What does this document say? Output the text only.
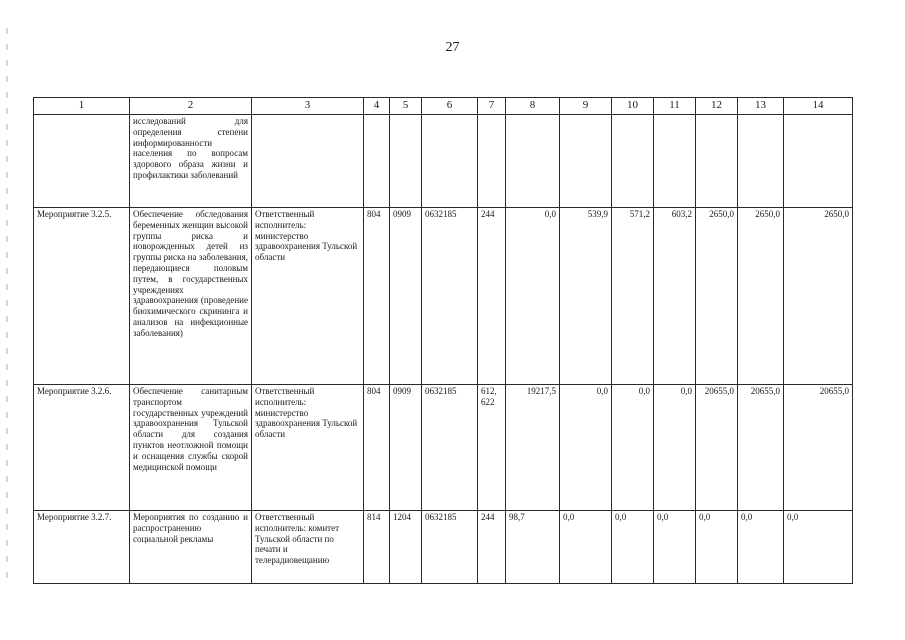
27
1	2	3	4	5	6	7	8	9	10	11	12	13	14
	исследований для определения степени информированности населения по вопросам здорового образа жизни и профилактики заболеваний												
Мероприятие 3.2.5.	Обеспечение обследования беременных женщин высокой группы риска и новорожденных детей из группы риска на заболевания, передающиеся половым путем, в государственных учреждениях здравоохранения (проведение биохимического скрининга и анализов на инфекционные заболевания)	Ответственный исполнитель: министерство здравоохранения Тульской области	804	0909	0632185	244	0,0	539,9	571,2	603,2	2650,0	2650,0	2650,0
Мероприятие 3.2.6.	Обеспечение санитарным транспортом государственных учреждений здравоохранения Тульской области для создания пунктов неотложной помощи и оснащения службы скорой медицинской помощи	Ответственный исполнитель: министерство здравоохранения Тульской области	804	0909	0632185	612, 622	19217,5	0,0	0,0	0,0	20655,0	20655,0	20655,0
Мероприятие 3.2.7.	Мероприятия по созданию и распространению социальной рекламы	Ответственный исполнитель: комитет Тульской области по печати и телерадиовещанию	814	1204	0632185	244	98,7	0,0	0,0	0,0	0,0	0,0	0,0
